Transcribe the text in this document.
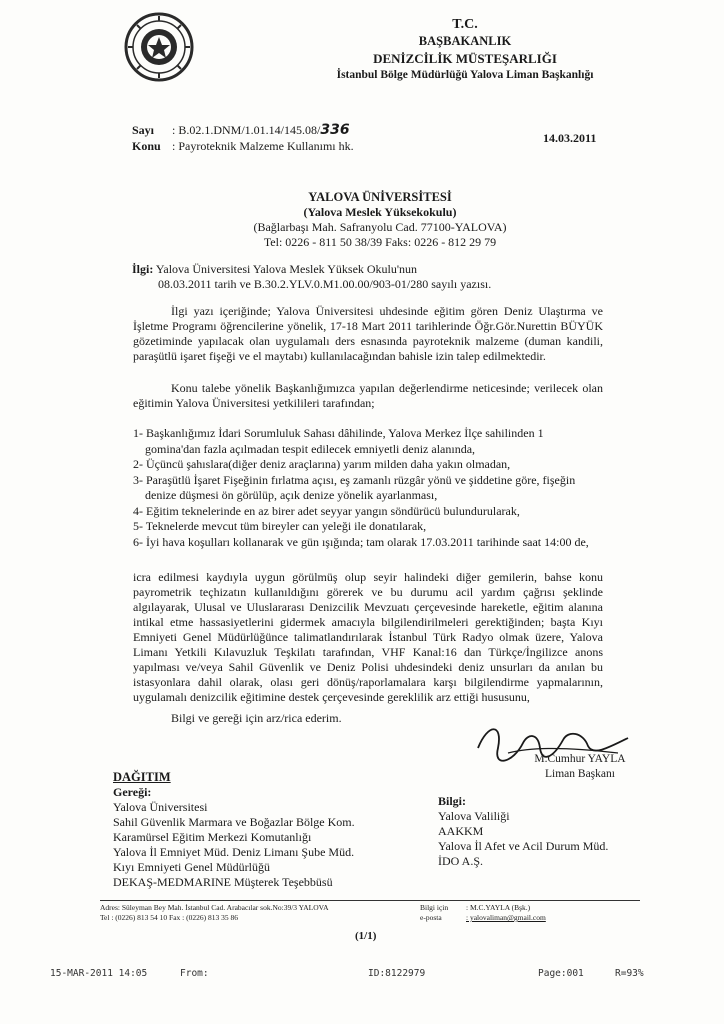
T.C.
BAŞBAKANLIK
DENİZCİLİK MÜSTEŞARLIĞI
İstanbul Bölge Müdürlüğü Yalova Liman Başkanlığı
Sayı : B.02.1.DNM/1.01.14/145.08/336
Konu : Payroteknik Malzeme Kullanımı hk.
14.03.2011
YALOVA ÜNİVERSİTESİ
(Yalova Meslek Yüksekokulu)
(Bağlarbaşı Mah. Safranyolu Cad. 77100-YALOVA)
Tel: 0226 - 811 50 38/39 Faks: 0226 - 812 29 79
İlgi: Yalova Üniversitesi Yalova Meslek Yüksek Okulu'nun
08.03.2011 tarih ve B.30.2.YLV.0.M1.00.00/903-01/280 sayılı yazısı.
İlgi yazı içeriğinde; Yalova Üniversitesi uhdesinde eğitim gören Deniz Ulaştırma ve İşletme Programı öğrencilerine yönelik, 17-18 Mart 2011 tarihlerinde Öğr.Gör.Nurettin BÜYÜK gözetiminde yapılacak olan uygulamalı ders esnasında payroteknik malzeme (duman kandili, paraşütlü işaret fişeği ve el maytabı) kullanılacağından bahisle izin talep edilmektedir.
Konu talebe yönelik Başkanlığımızca yapılan değerlendirme neticesinde; verilecek olan eğitimin Yalova Üniversitesi yetkilileri tarafından;
1- Başkanlığımız İdari Sorumluluk Sahası dâhilinde, Yalova Merkez İlçe sahilinden 1
gomina'dan fazla açılmadan tespit edilecek emniyetli deniz alanında,
2- Üçüncü şahıslara(diğer deniz araçlarına) yarım milden daha yakın olmadan,
3- Paraşütlü İşaret Fişeğinin fırlatma açısı, eş zamanlı rüzgâr yönü ve şiddetine göre, fişeğin
denize düşmesi ön görülüp, açık denize yönelik ayarlanması,
4- Eğitim teknelerinde en az birer adet seyyar yangın söndürücü bulundurularak,
5- Teknelerde mevcut tüm bireyler can yeleği ile donatılarak,
6- İyi hava koşulları kollanarak ve gün ışığında; tam olarak 17.03.2011 tarihinde saat 14:00 de,
icra edilmesi kaydıyla uygun görülmüş olup seyir halindeki diğer gemilerin, bahse konu payrometrik teçhizatın kullanıldığını görerek ve bu durumu acil yardım çağrısı şeklinde algılayarak, Ulusal ve Uluslararası Denizcilik Mevzuatı çerçevesinde hareketle, eğitim alanına intikal etme hassasiyetlerini gidermek amacıyla bilgilendirilmeleri gerektiğinden; başta Kıyı Emniyeti Genel Müdürlüğünce talimatlandırılarak İstanbul Türk Radyo olmak üzere, Yalova Limanı Yetkili Kılavuzluk Teşkilatı tarafından, VHF Kanal:16 dan Türkçe/İngilizce anons yapılması ve/veya Sahil Güvenlik ve Deniz Polisi uhdesindeki deniz unsurları da anılan bu istasyonlara dahil olarak, olası geri dönüş/raporlamalara karşı bilgilendirme yapmalarının, uygulamalı denizcilik eğitimine destek çerçevesinde gereklilik arz ettiği hususunu,
Bilgi ve gereği için arz/rica ederim.
M.Cumhur YAYLA
Liman Başkanı
DAĞITIM
Gereği:
Yalova Üniversitesi
Sahil Güvenlik Marmara ve Boğazlar Bölge Kom.
Karamürsel Eğitim Merkezi Komutanlığı
Yalova İl Emniyet Müd. Deniz Limanı Şube Müd.
Kıyı Emniyeti Genel Müdürlüğü
DEKAŞ-MEDMARINE Müşterek Teşebbüsü
Bilgi:
Yalova Valiliği
AAKKM
Yalova İl Afet ve Acil Durum Müd.
İDO A.Ş.
Adres: Süleyman Bey Mah. İstanbul Cad. Arabacılar sok.No:39/3 YALOVA
Tel : (0226) 813 54 10 Fax : (0226) 813 35 86
Bilgi için : M.C.YAYLA (Bşk.)
e-posta	: yalovaliman@gmail.com
(1/1)
15-MAR-2011 14:05	From:	ID:8122979	Page:001	R=93%
